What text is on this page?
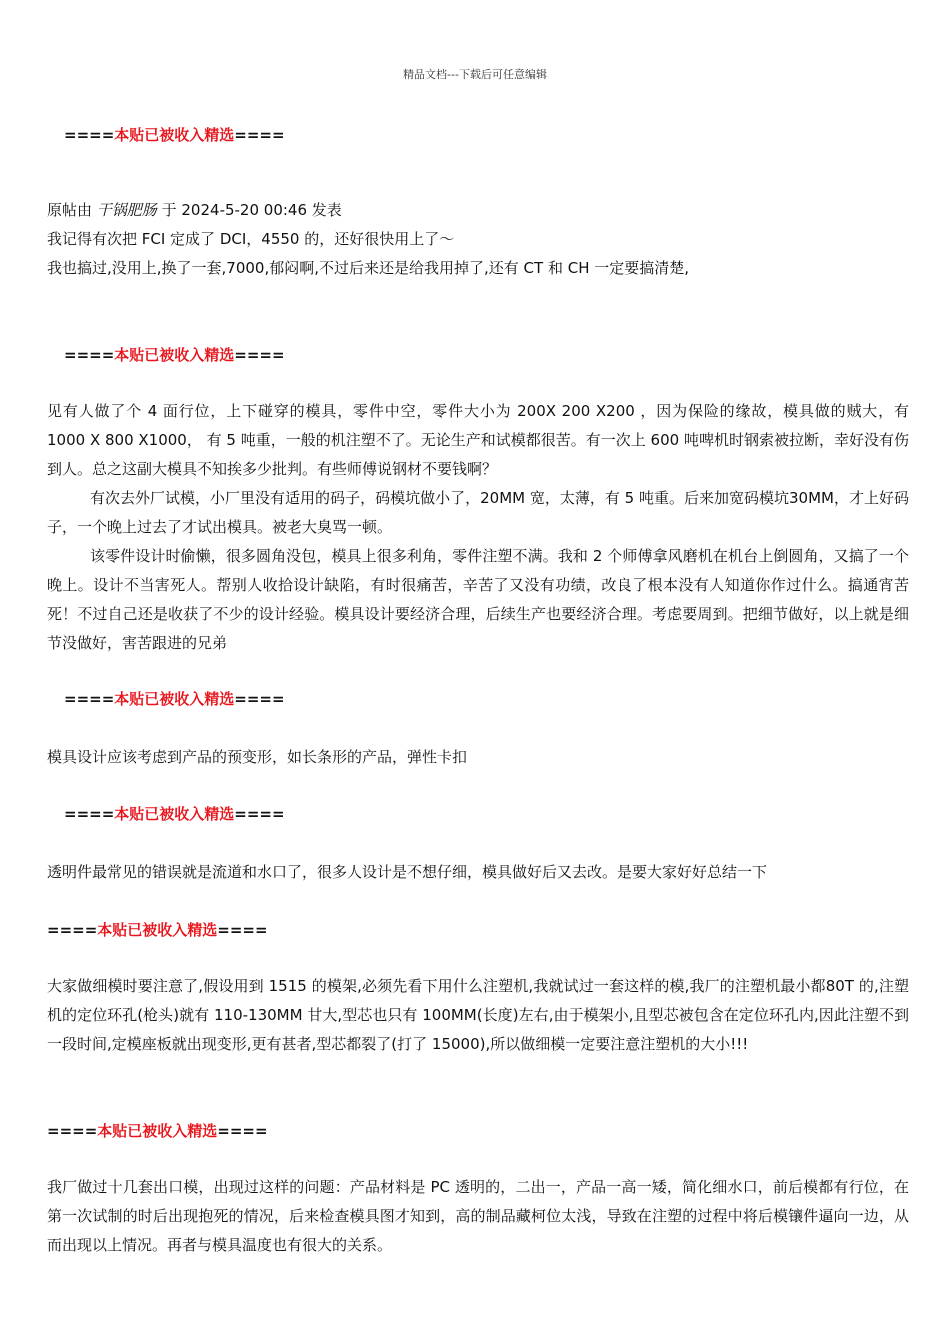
精品文档---下载后可任意编辑
====本贴已被收入精选====

原帖由 干锅肥肠 于 2024-5-20 00:46 发表

我记得有次把 FCI 定成了 DCI，4550 的，还好很快用上了～

我也搞过,没用上,换了一套,7000,郁闷啊,不过后来还是给我用掉了,还有 CT 和 CH 一定要搞清楚,

====本贴已被收入精选====

见有人做了个 4 面行位，上下碰穿的模具，零件中空，零件大小为 200X 200 X200 ，因为保险的缘故，模具做的贼大，有 1000 X 800 X1000， 有 5 吨重，一般的机注塑不了。无论生产和试模都很苦。有一次上 600 吨啤机时钢索被拉断，幸好没有伤到人。总之这副大模具不知挨多少批判。有些师傅说钢材不要钱啊？

有次去外厂试模，小厂里没有适用的码子，码模坑做小了，20MM 宽，太薄，有 5 吨重。后来加宽码模坑30MM，才上好码子，一个晚上过去了才试出模具。被老大臭骂一顿。

该零件设计时偷懒，很多圆角没包，模具上很多利角，零件注塑不满。我和 2 个师傅拿风磨机在机台上倒圆角，又搞了一个晚上。设计不当害死人。帮别人收拾设计缺陷，有时很痛苦，辛苦了又没有功绩，改良了根本没有人知道你作过什么。搞通宵苦死！不过自己还是收获了不少的设计经验。模具设计要经济合理，后续生产也要经济合理。考虑要周到。把细节做好，以上就是细节没做好，害苦跟进的兄弟

====本贴已被收入精选====

模具设计应该考虑到产品的预变形，如长条形的产品，弹性卡扣

====本贴已被收入精选====

透明件最常见的错误就是流道和水口了，很多人设计是不想仔细，模具做好后又去改。是要大家好好总结一下

====本贴已被收入精选====

大家做细模时要注意了,假设用到 1515 的模架,必须先看下用什么注塑机,我就试过一套这样的模,我厂的注塑机最小都80T 的,注塑机的定位环孔(枪头)就有 110-130MM 甘大,型芯也只有 100MM(长度)左右,由于模架小,且型芯被包含在定位环孔内,因此注塑不到一段时间,定模座板就出现变形,更有甚者,型芯都裂了(打了 15000),所以做细模一定要注意注塑机的大小!!!

====本贴已被收入精选====

我厂做过十几套出口模，出现过这样的问题：产品材料是 PC 透明的，二出一，产品一高一矮，简化细水口，前后模都有行位，在第一次试制的时后出现抱死的情况，后来检查模具图才知到，高的制品藏柯位太浅，导致在注塑的过程中将后模镶件逼向一边，从而出现以上情况。再者与模具温度也有很大的关系。
